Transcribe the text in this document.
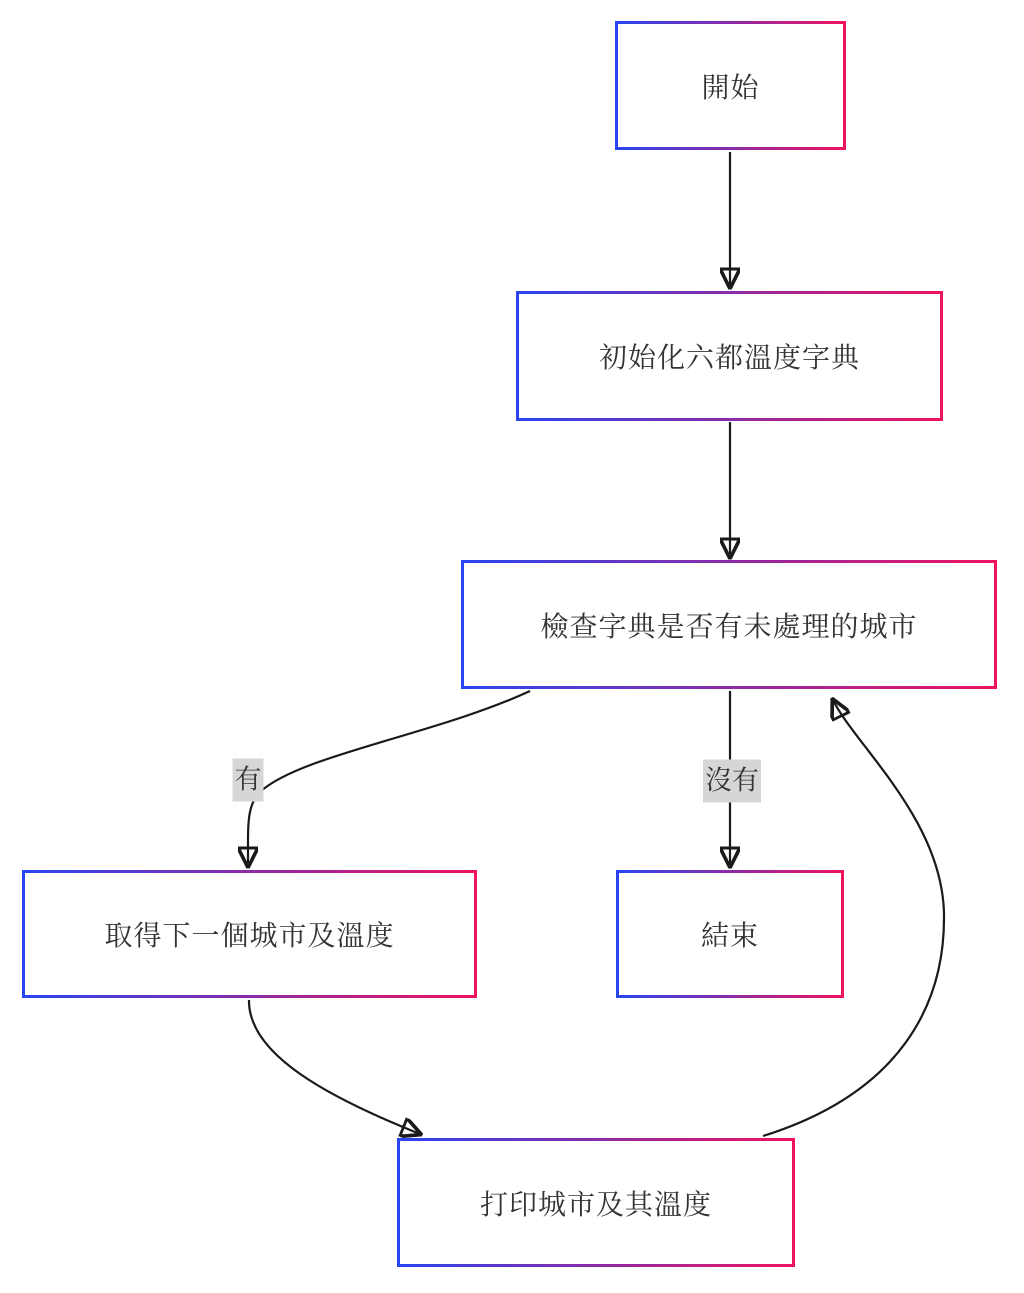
開始
初始化六都溫度字典
檢查字典是否有未處理的城市
取得下一個城市及溫度	結束
打印城市及其溫度
有	沒有
